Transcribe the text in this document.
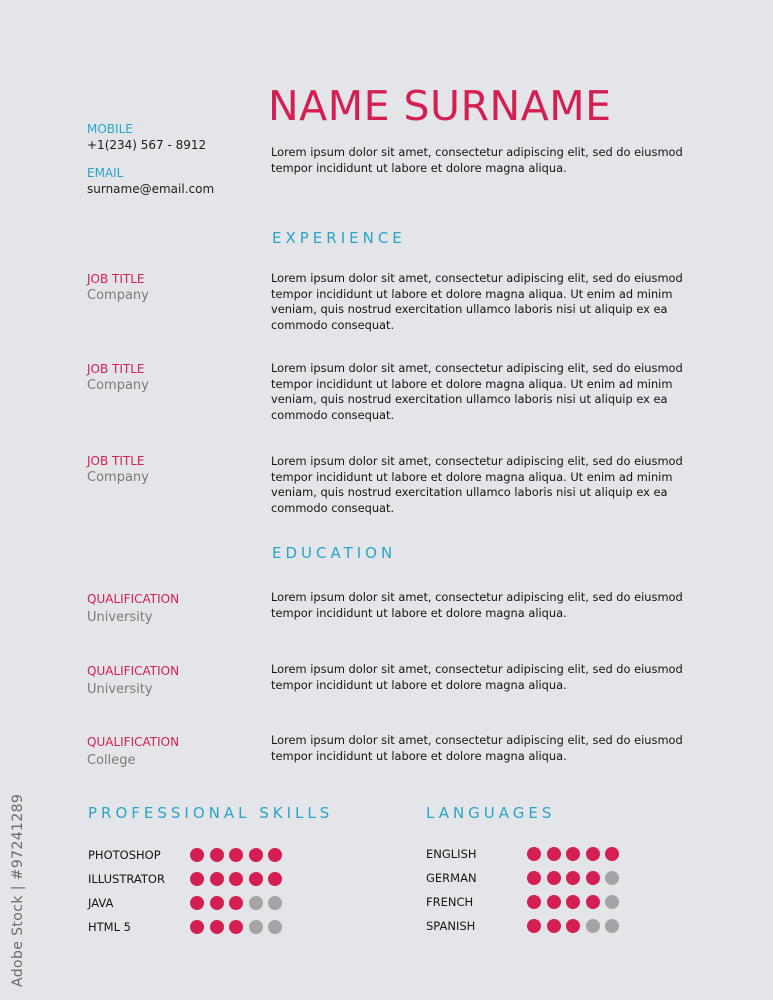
NAME SURNAME
MOBILE
+1(234) 567 - 8912
EMAIL
surname@email.com
Lorem ipsum dolor sit amet, consectetur adipiscing elit, sed do eiusmod tempor incididunt ut labore et dolore magna aliqua.
EXPERIENCE
JOB TITLE
Company
Lorem ipsum dolor sit amet, consectetur adipiscing elit, sed do eiusmod tempor incididunt ut labore et dolore magna aliqua. Ut enim ad minim veniam, quis nostrud exercitation ullamco laboris nisi ut aliquip ex ea commodo consequat.
JOB TITLE
Company
Lorem ipsum dolor sit amet, consectetur adipiscing elit, sed do eiusmod tempor incididunt ut labore et dolore magna aliqua. Ut enim ad minim veniam, quis nostrud exercitation ullamco laboris nisi ut aliquip ex ea commodo consequat.
JOB TITLE
Company
Lorem ipsum dolor sit amet, consectetur adipiscing elit, sed do eiusmod tempor incididunt ut labore et dolore magna aliqua. Ut enim ad minim veniam, quis nostrud exercitation ullamco laboris nisi ut aliquip ex ea commodo consequat.
EDUCATION
QUALIFICATION
University
Lorem ipsum dolor sit amet, consectetur adipiscing elit, sed do eiusmod tempor incididunt ut labore et dolore magna aliqua.
QUALIFICATION
University
Lorem ipsum dolor sit amet, consectetur adipiscing elit, sed do eiusmod tempor incididunt ut labore et dolore magna aliqua.
QUALIFICATION
College
Lorem ipsum dolor sit amet, consectetur adipiscing elit, sed do eiusmod tempor incididunt ut labore et dolore magna aliqua.
PROFESSIONAL SKILLS
PHOTOSHOP
ILLUSTRATOR
JAVA
HTML 5
LANGUAGES
ENGLISH
GERMAN
FRENCH
SPANISH
Adobe Stock | #97241289
